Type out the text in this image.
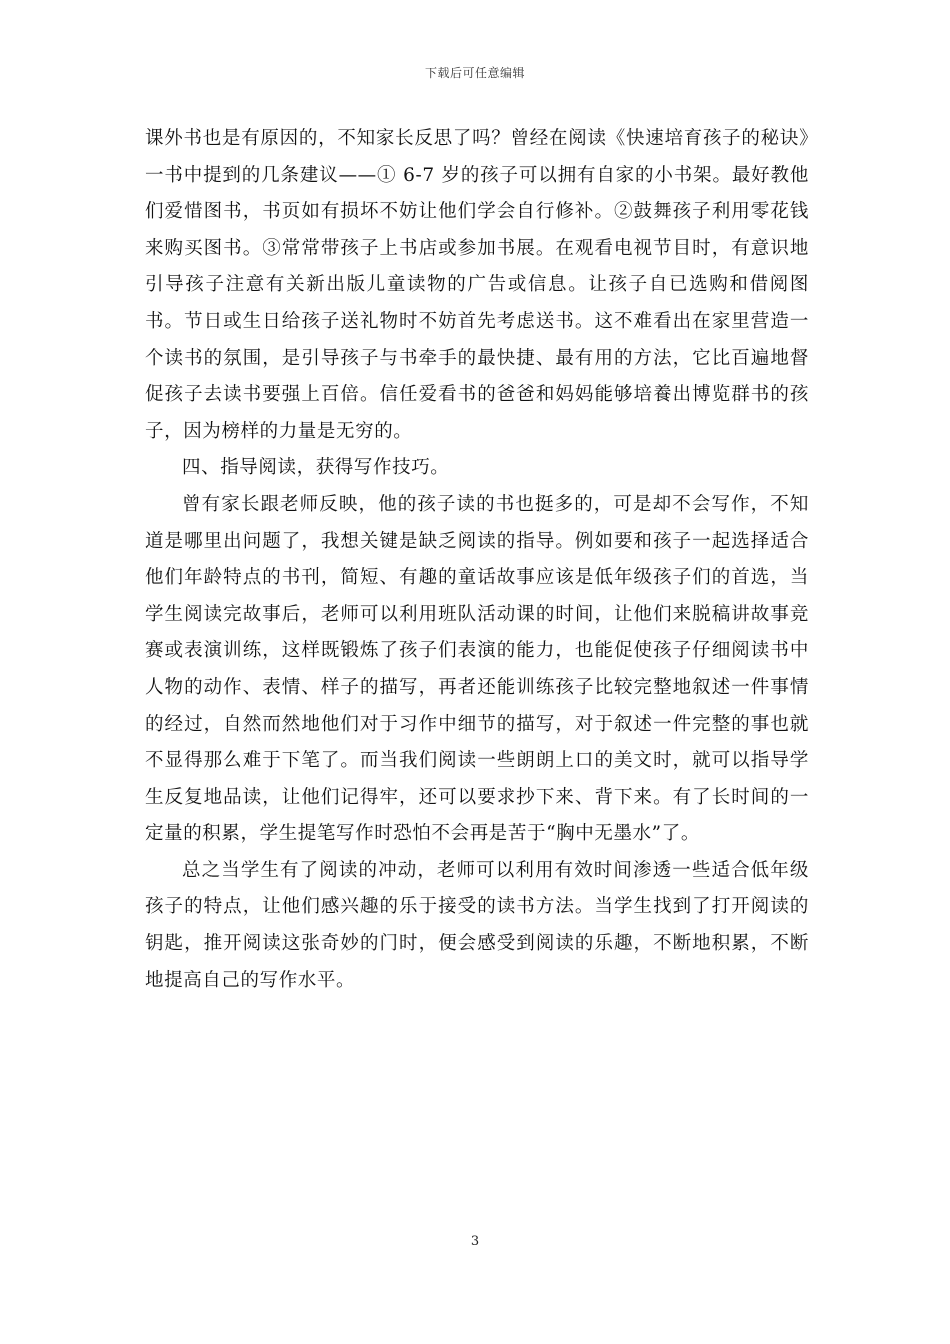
下载后可任意编辑

课外书也是有原因的，不知家长反思了吗？曾经在阅读《快速培育孩子的秘诀》一书中提到的几条建议——① 6-7 岁的孩子可以拥有自家的小书架。最好教他们爱惜图书，书页如有损坏不妨让他们学会自行修补。②鼓舞孩子利用零花钱来购买图书。③常常带孩子上书店或参加书展。在观看电视节目时，有意识地引导孩子注意有关新出版儿童读物的广告或信息。让孩子自已选购和借阅图书。节日或生日给孩子送礼物时不妨首先考虑送书。这不难看出在家里营造一个读书的氛围，是引导孩子与书牵手的最快捷、最有用的方法，它比百遍地督促孩子去读书要强上百倍。信任爱看书的爸爸和妈妈能够培養出博览群书的孩子，因为榜样的力量是无穷的。

四、指导阅读，获得写作技巧。

曾有家长跟老师反映，他的孩子读的书也挺多的，可是却不会写作，不知道是哪里出问题了，我想关键是缺乏阅读的指导。例如要和孩子一起选择适合他们年龄特点的书刊，简短、有趣的童话故事应该是低年级孩子们的首选，当学生阅读完故事后，老师可以利用班队活动课的时间，让他们来脱稿讲故事竞赛或表演训练，这样既锻炼了孩子们表演的能力，也能促使孩子仔细阅读书中人物的动作、表情、样子的描写，再者还能训练孩子比较完整地叙述一件事情的经过，自然而然地他们对于习作中细节的描写，对于叙述一件完整的事也就不显得那么难于下笔了。而当我们阅读一些朗朗上口的美文时，就可以指导学生反复地品读，让他们记得牢，还可以要求抄下来、背下来。有了长时间的一定量的积累，学生提笔写作时恐怕不会再是苦于“胸中无墨水”了。

总之当学生有了阅读的冲动，老师可以利用有效时间渗透一些适合低年级孩子的特点，让他们感兴趣的乐于接受的读书方法。当学生找到了打开阅读的钥匙，推开阅读这张奇妙的门时，便会感受到阅读的乐趣，不断地积累，不断地提高自己的写作水平。

3
